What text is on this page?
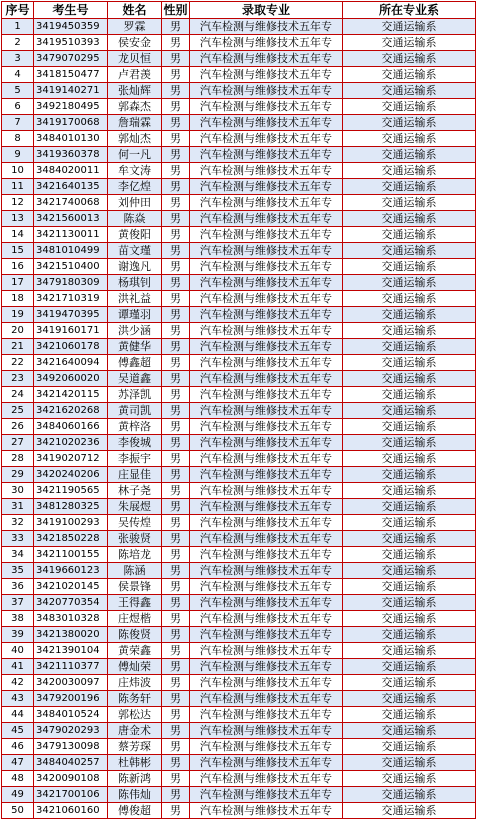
序号	考生号	姓名	性别	录取专业	所在专业系
1	3419450359	罗霖	男	汽车检测与维修技术五年专	交通运输系
2	3419510393	侯安金	男	汽车检测与维修技术五年专	交通运输系
3	3479070295	龙贝恒	男	汽车检测与维修技术五年专	交通运输系
4	3418150477	卢君羡	男	汽车检测与维修技术五年专	交通运输系
5	3419140271	张灿辉	男	汽车检测与维修技术五年专	交通运输系
6	3492180495	郭森杰	男	汽车检测与维修技术五年专	交通运输系
7	3419170068	詹瑞霖	男	汽车检测与维修技术五年专	交通运输系
8	3484010130	郭灿杰	男	汽车检测与维修技术五年专	交通运输系
9	3419360378	何一凡	男	汽车检测与维修技术五年专	交通运输系
10	3484020011	牟文涛	男	汽车检测与维修技术五年专	交通运输系
11	3421640135	李亿煌	男	汽车检测与维修技术五年专	交通运输系
12	3421740068	刘仲田	男	汽车检测与维修技术五年专	交通运输系
13	3421560013	陈焱	男	汽车检测与维修技术五年专	交通运输系
14	3421130011	黄俊阳	男	汽车检测与维修技术五年专	交通运输系
15	3481010499	苗文瑾	男	汽车检测与维修技术五年专	交通运输系
16	3421510400	谢逸凡	男	汽车检测与维修技术五年专	交通运输系
17	3479180309	杨琪钊	男	汽车检测与维修技术五年专	交通运输系
18	3421710319	洪礼益	男	汽车检测与维修技术五年专	交通运输系
19	3419470395	谭瑾羽	男	汽车检测与维修技术五年专	交通运输系
20	3419160171	洪少涵	男	汽车检测与维修技术五年专	交通运输系
21	3421060178	黄健华	男	汽车检测与维修技术五年专	交通运输系
22	3421640094	傅鑫超	男	汽车检测与维修技术五年专	交通运输系
23	3492060020	吴道鑫	男	汽车检测与维修技术五年专	交通运输系
24	3421420115	苏泽凯	男	汽车检测与维修技术五年专	交通运输系
25	3421620268	黄司凯	男	汽车检测与维修技术五年专	交通运输系
26	3484060166	黄梓洛	男	汽车检测与维修技术五年专	交通运输系
27	3421020236	李俊城	男	汽车检测与维修技术五年专	交通运输系
28	3419020712	李振宇	男	汽车检测与维修技术五年专	交通运输系
29	3420240206	庄显佳	男	汽车检测与维修技术五年专	交通运输系
30	3421190565	林子尧	男	汽车检测与维修技术五年专	交通运输系
31	3481280325	朱展煜	男	汽车检测与维修技术五年专	交通运输系
32	3419100293	吴传煌	男	汽车检测与维修技术五年专	交通运输系
33	3421850228	张骏贤	男	汽车检测与维修技术五年专	交通运输系
34	3421100155	陈培龙	男	汽车检测与维修技术五年专	交通运输系
35	3419660123	陈涵	男	汽车检测与维修技术五年专	交通运输系
36	3421020145	侯景锋	男	汽车检测与维修技术五年专	交通运输系
37	3420770354	王得鑫	男	汽车检测与维修技术五年专	交通运输系
38	3483010328	庄煜楷	男	汽车检测与维修技术五年专	交通运输系
39	3421380020	陈俊贤	男	汽车检测与维修技术五年专	交通运输系
40	3421390104	黄荣鑫	男	汽车检测与维修技术五年专	交通运输系
41	3421110377	傅灿荣	男	汽车检测与维修技术五年专	交通运输系
42	3420030097	庄炜波	男	汽车检测与维修技术五年专	交通运输系
43	3479200196	陈务轩	男	汽车检测与维修技术五年专	交通运输系
44	3484010524	郭松达	男	汽车检测与维修技术五年专	交通运输系
45	3479020293	唐金术	男	汽车检测与维修技术五年专	交通运输系
46	3479130098	蔡芳琛	男	汽车检测与维修技术五年专	交通运输系
47	3484040257	杜韩彬	男	汽车检测与维修技术五年专	交通运输系
48	3420090108	陈新鸿	男	汽车检测与维修技术五年专	交通运输系
49	3421700106	陈伟灿	男	汽车检测与维修技术五年专	交通运输系
50	3421060160	傅俊超	男	汽车检测与维修技术五年专	交通运输系
